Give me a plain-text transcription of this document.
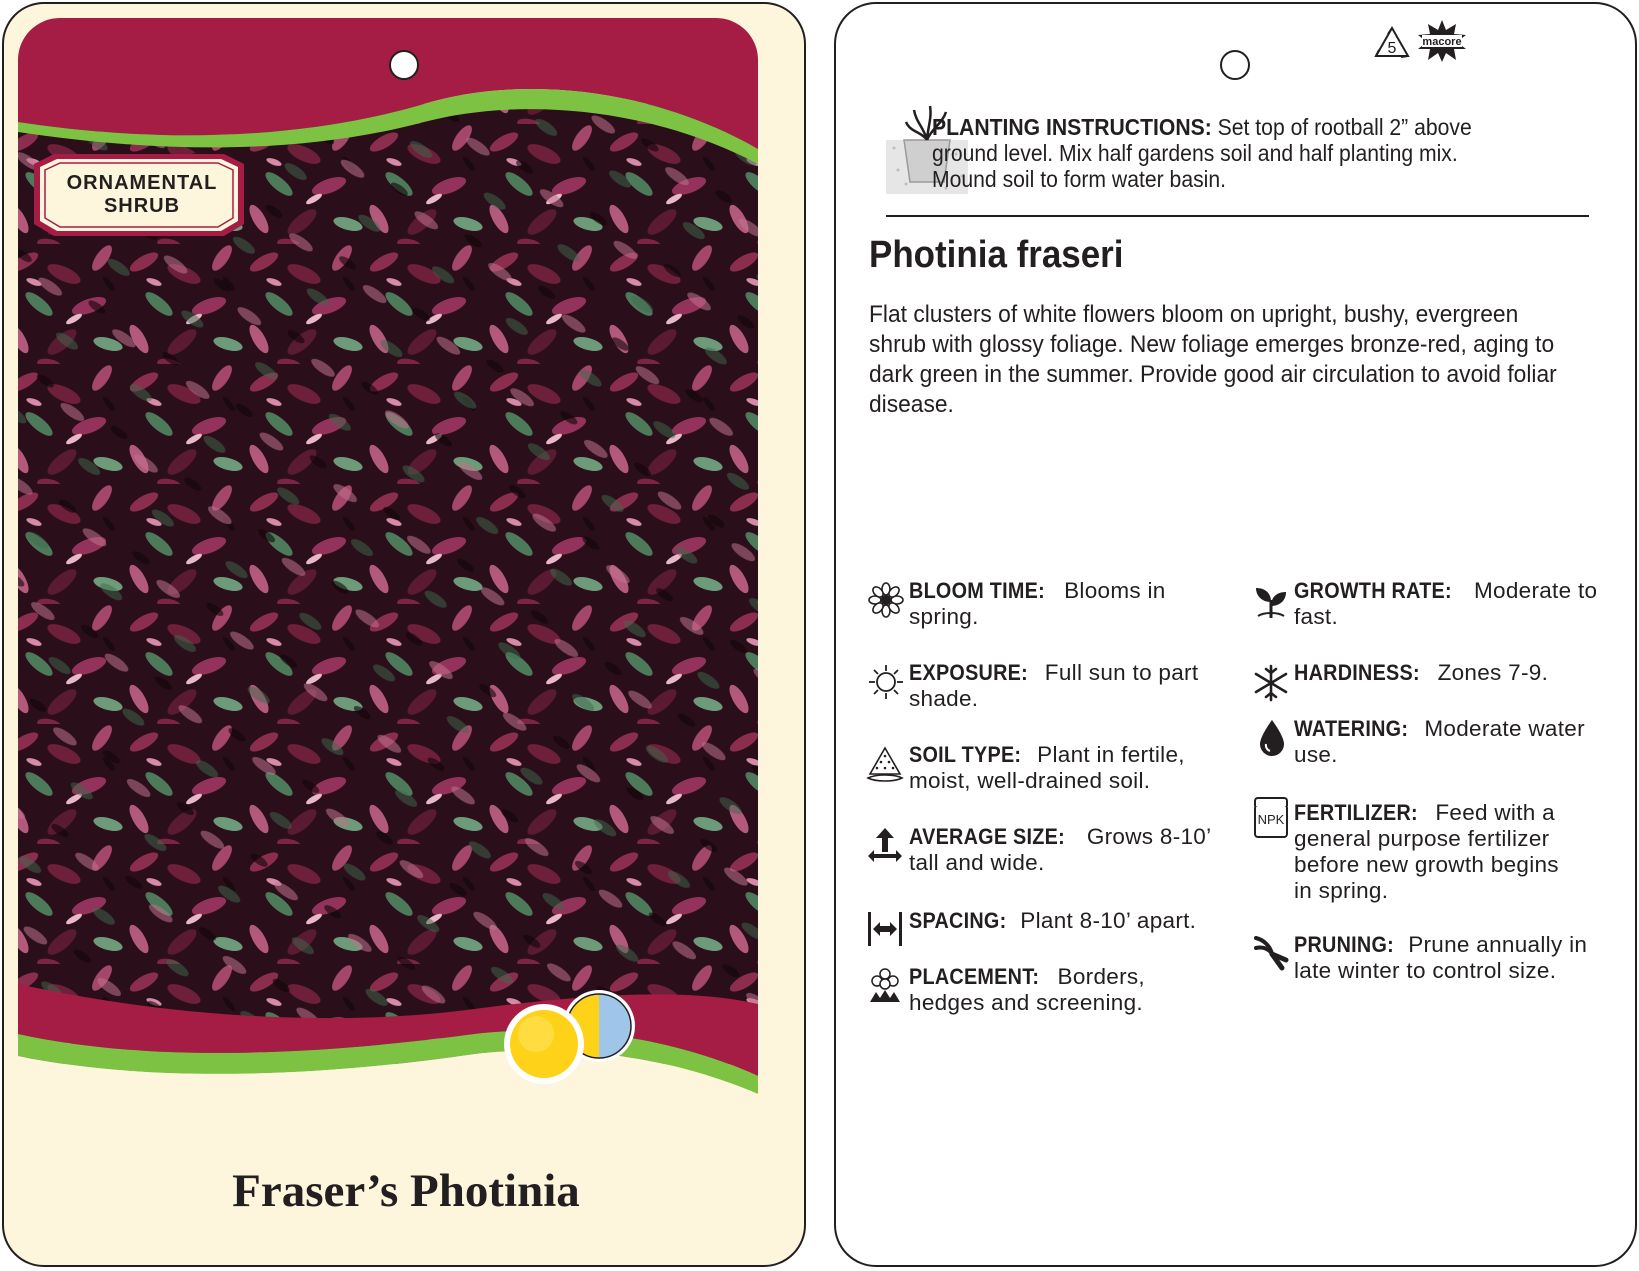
ORNAMENTAL
SHRUB
Fraser’s Photinia
5 macore
PLANTING INSTRUCTIONS: Set top of rootball 2” above
ground level. Mix half gardens soil and half planting mix.
Mound soil to form water basin.
Photinia fraseri
Flat clusters of white flowers bloom on upright, bushy, evergreen shrub with glossy foliage. New foliage emerges bronze-red, aging to dark green in the summer. Provide good air circulation to avoid foliar disease.
BLOOM TIME: Blooms in
spring.
EXPOSURE: Full sun to part
shade.
SOIL TYPE: Plant in fertile,
moist, well-drained soil.
AVERAGE SIZE: Grows 8-10’
tall and wide.
SPACING: Plant 8-10’ apart.
PLACEMENT: Borders,
hedges and screening.
GROWTH RATE: Moderate to
fast.
HARDINESS: Zones 7-9.
WATERING: Moderate water
use.
NPK FERTILIZER: Feed with a
general purpose fertilizer
before new growth begins
in spring.
PRUNING: Prune annually in
late winter to control size.
